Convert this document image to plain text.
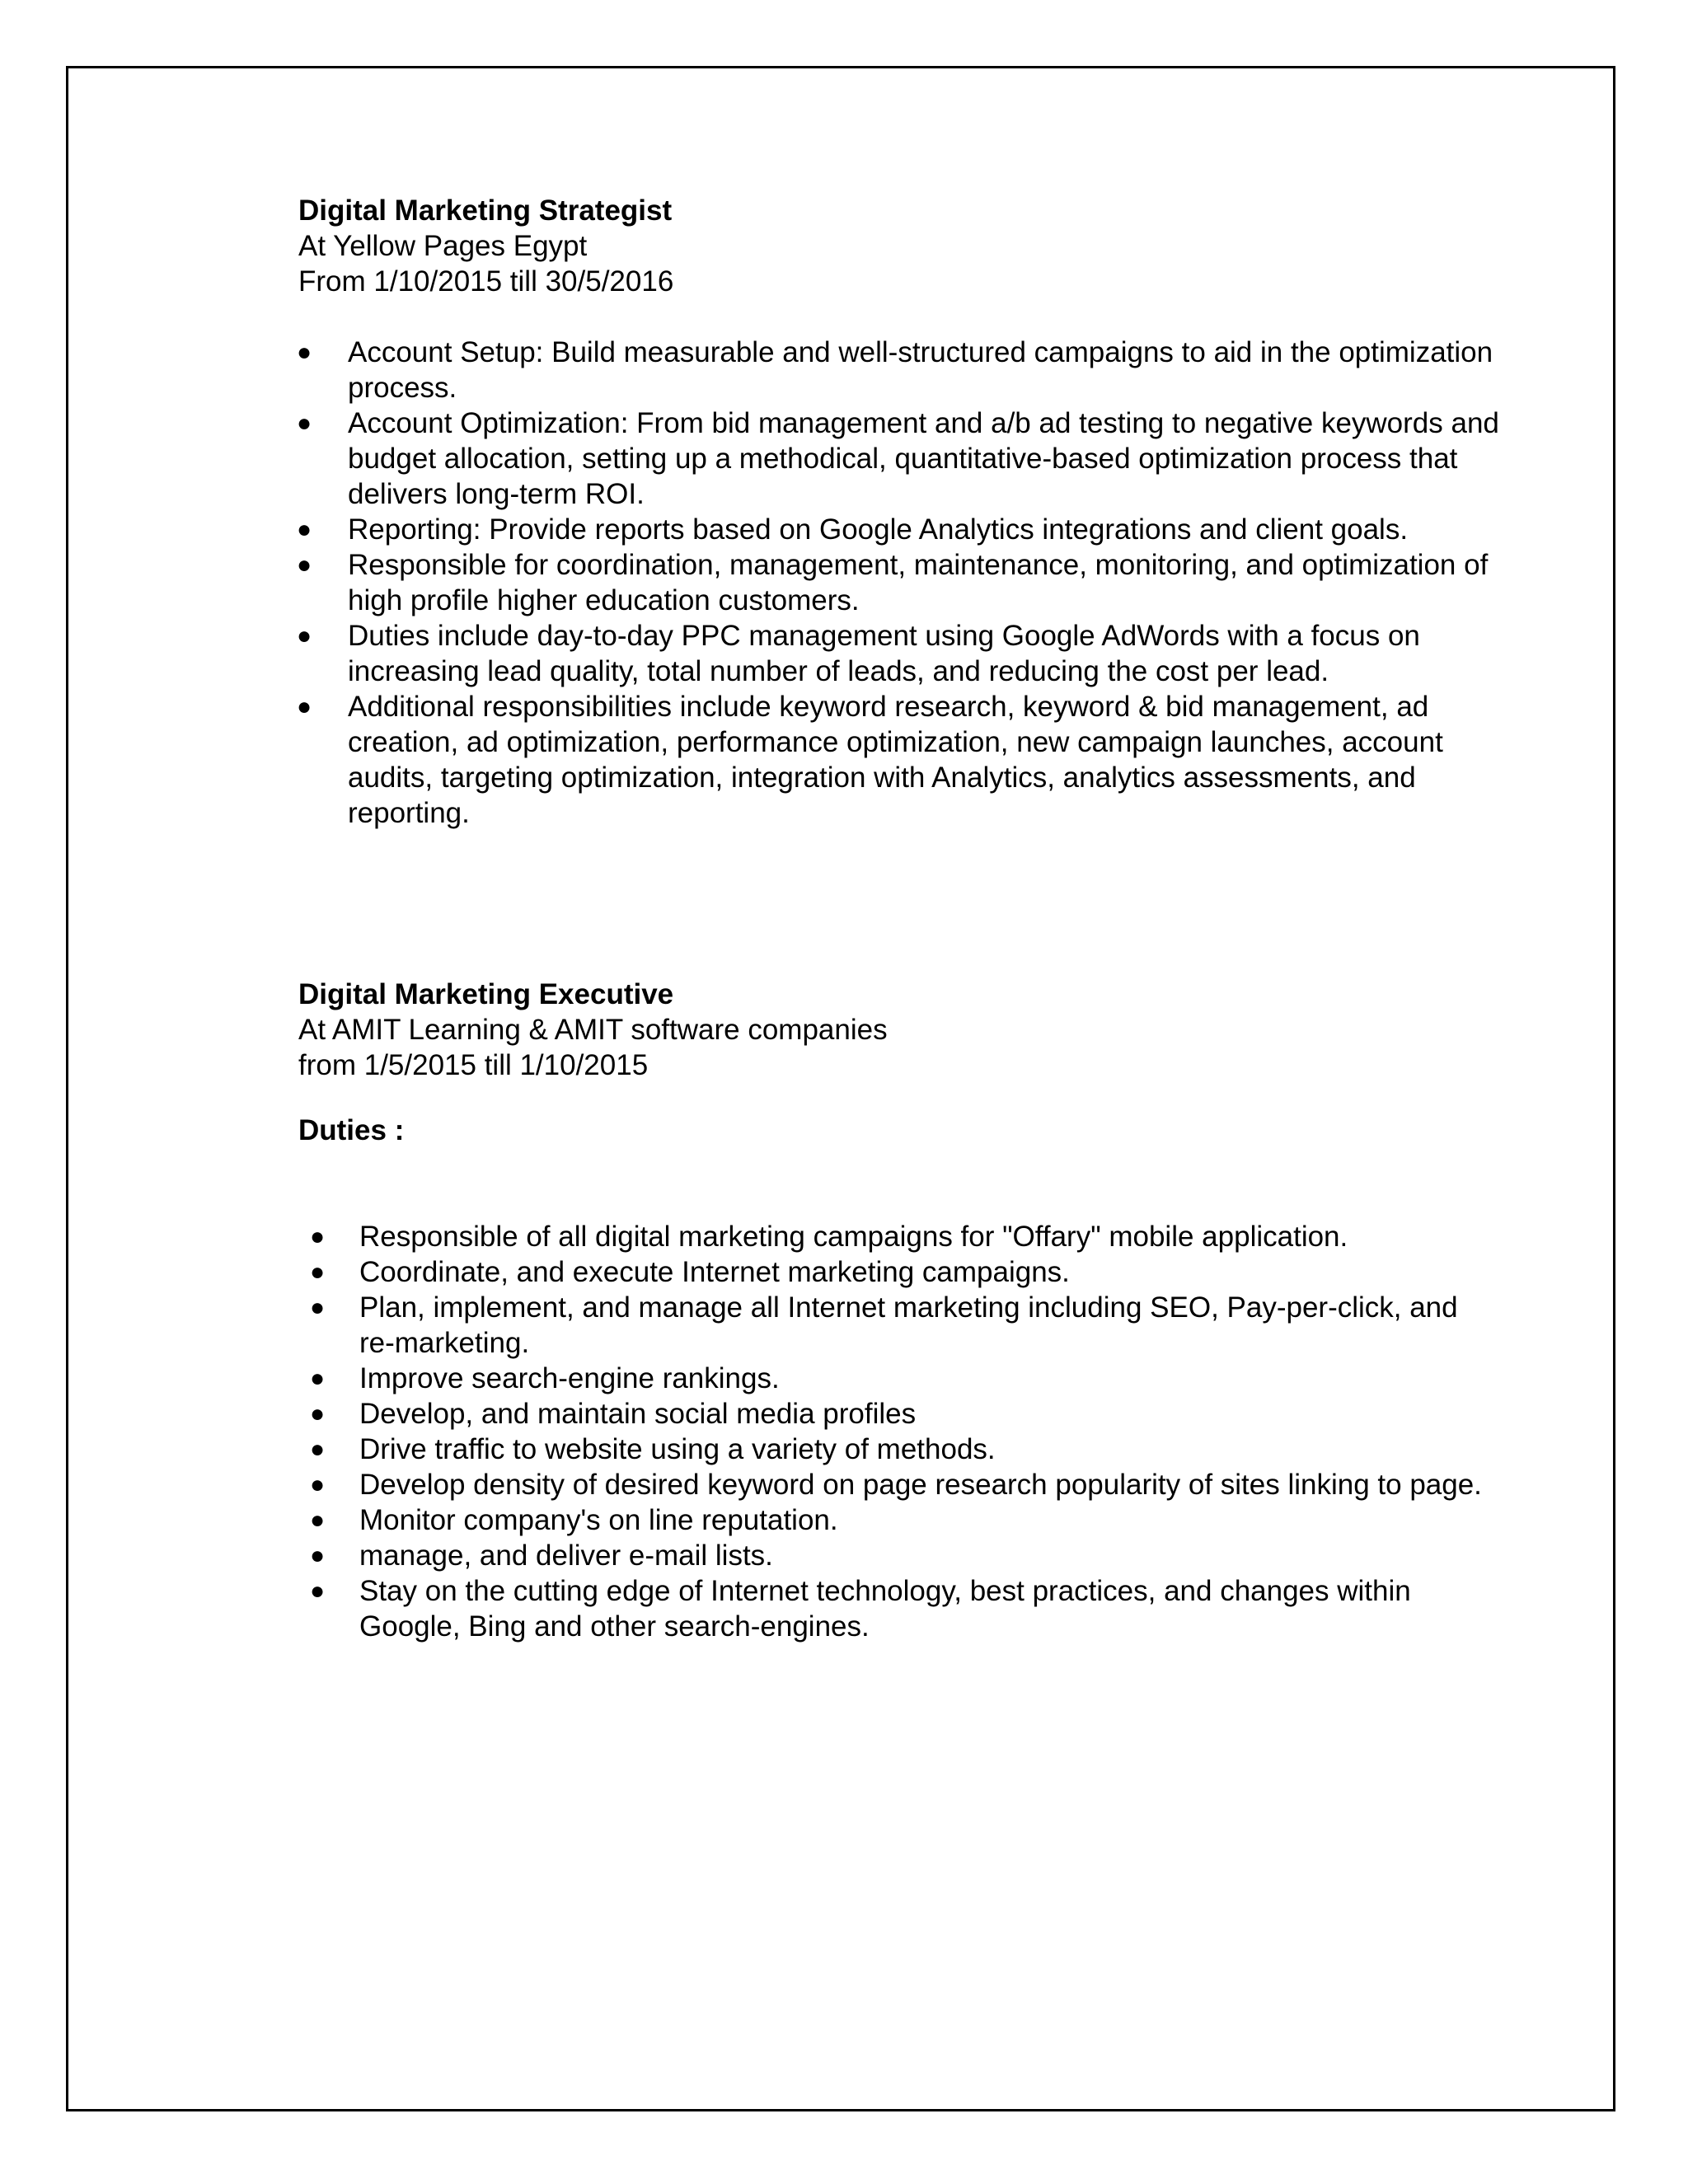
Digital Marketing Strategist

At Yellow Pages Egypt

From 1/10/2015 till 30/5/2016

● Account Setup: Build measurable and well-structured campaigns to aid in the optimization process.
● Account Optimization: From bid management and a/b ad testing to negative keywords and budget allocation, setting up a methodical, quantitative-based optimization process that delivers long-term ROI.
● Reporting: Provide reports based on Google Analytics integrations and client goals.
● Responsible for coordination, management, maintenance, monitoring, and optimization of high profile higher education customers.
● Duties include day-to-day PPC management using Google AdWords with a focus on increasing lead quality, total number of leads, and reducing the cost per lead.
● Additional responsibilities include keyword research, keyword & bid management, ad creation, ad optimization, performance optimization, new campaign launches, account audits, targeting optimization, integration with Analytics, analytics assessments, and reporting.

Digital Marketing Executive

At AMIT Learning & AMIT software companies

from 1/5/2015 till 1/10/2015

Duties :

● Responsible of all digital marketing campaigns for "Offary" mobile application.
● Coordinate, and execute Internet marketing campaigns.
● Plan, implement, and manage all Internet marketing including SEO, Pay-per-click, and re-marketing.
● Improve search-engine rankings.
● Develop, and maintain social media profiles
● Drive traffic to website using a variety of methods.
● Develop density of desired keyword on page research popularity of sites linking to page.
● Monitor company's on line reputation.
● manage, and deliver e-mail lists.
● Stay on the cutting edge of Internet technology, best practices, and changes within Google, Bing and other search-engines.
